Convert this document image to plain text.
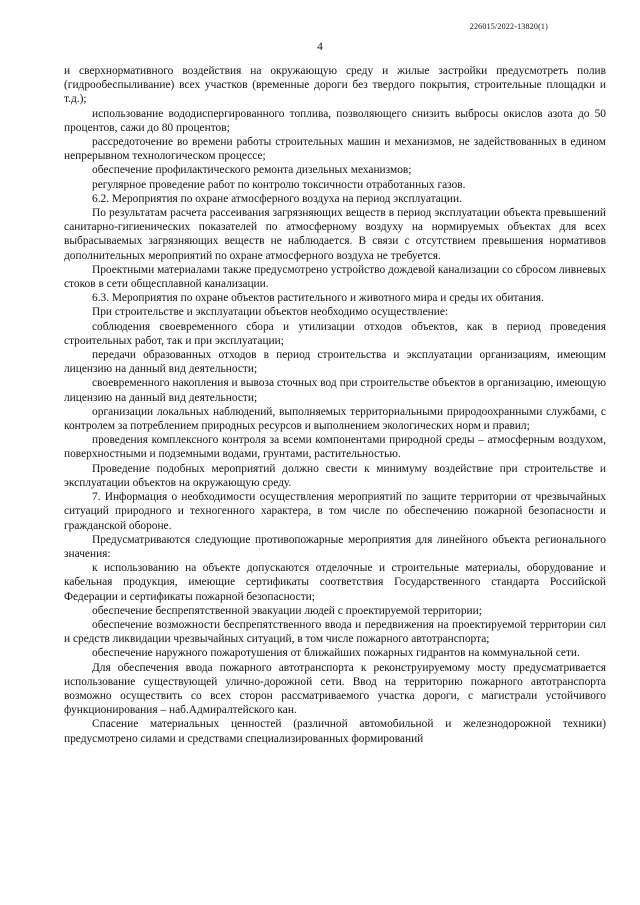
226015/2022-13820(1)
4

и сверхнормативного воздействия на окружающую среду и жилые застройки предусмотреть полив (гидрообеспыливание) всех участков (временные дороги без твердого покрытия, строительные площадки и т.д.);

использование вододиспергированного топлива, позволяющего снизить выбросы окислов азота до 50 процентов, сажи до 80 процентов;

рассредоточение во времени работы строительных машин и механизмов, не задействованных в едином непрерывном технологическом процессе;

обеспечение профилактического ремонта дизельных механизмов;

регулярное проведение работ по контролю токсичности отработанных газов.

6.2. Мероприятия по охране атмосферного воздуха на период эксплуатации.

По результатам расчета рассеивания загрязняющих веществ в период эксплуатации объекта превышений санитарно-гигиенических показателей по атмосферному воздуху на нормируемых объектах для всех выбрасываемых загрязняющих веществ не наблюдается. В связи с отсутствием превышения нормативов дополнительных мероприятий по охране атмосферного воздуха не требуется.

Проектными материалами также предусмотрено устройство дождевой канализации со сбросом ливневых стоков в сети общесплавной канализации.

6.3. Мероприятия по охране объектов растительного и животного мира и среды их обитания.

При строительстве и эксплуатации объектов необходимо осуществление:

соблюдения своевременного сбора и утилизации отходов объектов, как в период проведения строительных работ, так и при эксплуатации;

передачи образованных отходов в период строительства и эксплуатации организациям, имеющим лицензию на данный вид деятельности;

своевременного накопления и вывоза сточных вод при строительстве объектов в организацию, имеющую лицензию на данный вид деятельности;

организации локальных наблюдений, выполняемых территориальными природоохранными службами, с контролем за потреблением природных ресурсов и выполнением экологических норм и правил;

проведения комплексного контроля за всеми компонентами природной среды – атмосферным воздухом, поверхностными и подземными водами, грунтами, растительностью.

Проведение подобных мероприятий должно свести к минимуму воздействие при строительстве и эксплуатации объектов на окружающую среду.

7. Информация о необходимости осуществления мероприятий по защите территории от чрезвычайных ситуаций природного и техногенного характера, в том числе по обеспечению пожарной безопасности и гражданской обороне.

Предусматриваются следующие противопожарные мероприятия для линейного объекта регионального значения:

к использованию на объекте допускаются отделочные и строительные материалы, оборудование и кабельная продукция, имеющие сертификаты соответствия Государственного стандарта Российской Федерации и сертификаты пожарной безопасности;

обеспечение беспрепятственной эвакуации людей с проектируемой территории;

обеспечение возможности беспрепятственного ввода и передвижения на проектируемой территории сил и средств ликвидации чрезвычайных ситуаций, в том числе пожарного автотранспорта;

обеспечение наружного пожаротушения от ближайших пожарных гидрантов на коммунальной сети.

Для обеспечения ввода пожарного автотранспорта к реконструируемому мосту предусматривается использование существующей улично-дорожной сети. Ввод на территорию пожарного автотранспорта возможно осуществить со всех сторон рассматриваемого участка дороги, с магистрали устойчивого функционирования – наб.Адмиралтейского кан.

Спасение материальных ценностей (различной автомобильной и железнодорожной техники) предусмотрено силами и средствами специализированных формирований
